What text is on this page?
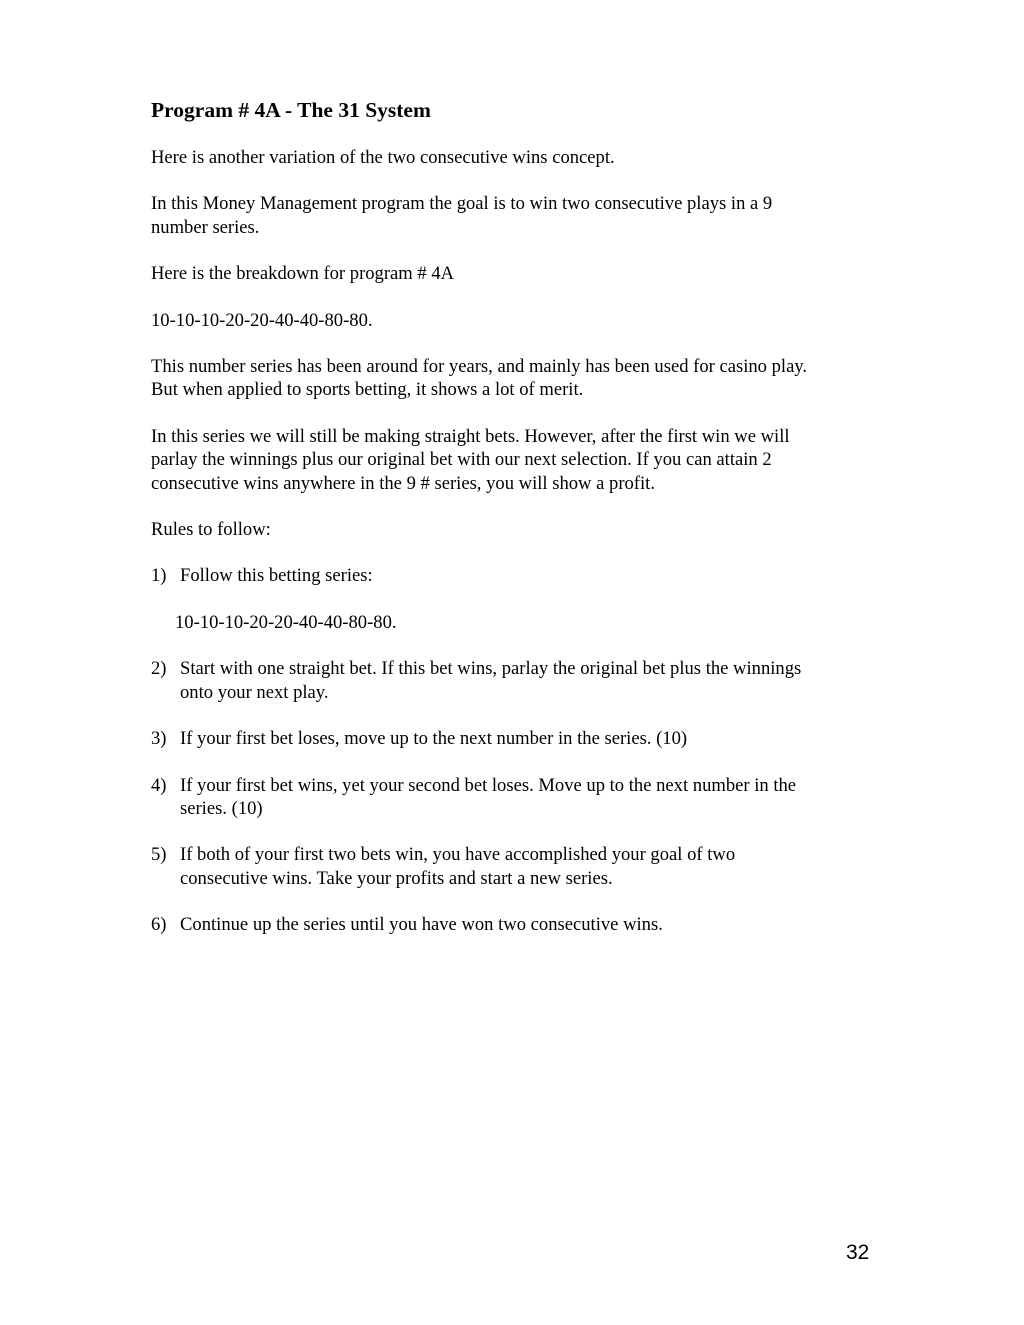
Program # 4A - The 31 System
Here is another variation of the two consecutive wins concept.
In this Money Management program the goal is to win two consecutive plays in a 9
number series.
Here is the breakdown for program # 4A
10-10-10-20-20-40-40-80-80.
This number series has been around for years, and mainly has been used for casino play.
But when applied to sports betting, it shows a lot of merit.
In this series we will still be making straight bets. However, after the first win we will
parlay the winnings plus our original bet with our next selection. If you can attain 2
consecutive wins anywhere in the 9 # series, you will show a profit.
Rules to follow:
1) Follow this betting series:
10-10-10-20-20-40-40-80-80.
2) Start with one straight bet. If this bet wins, parlay the original bet plus the winnings
onto your next play.
3) If your first bet loses, move up to the next number in the series. (10)
4) If your first bet wins, yet your second bet loses. Move up to the next number in the
series. (10)
5) If both of your first two bets win, you have accomplished your goal of two
consecutive wins. Take your profits and start a new series.
6) Continue up the series until you have won two consecutive wins.
32
